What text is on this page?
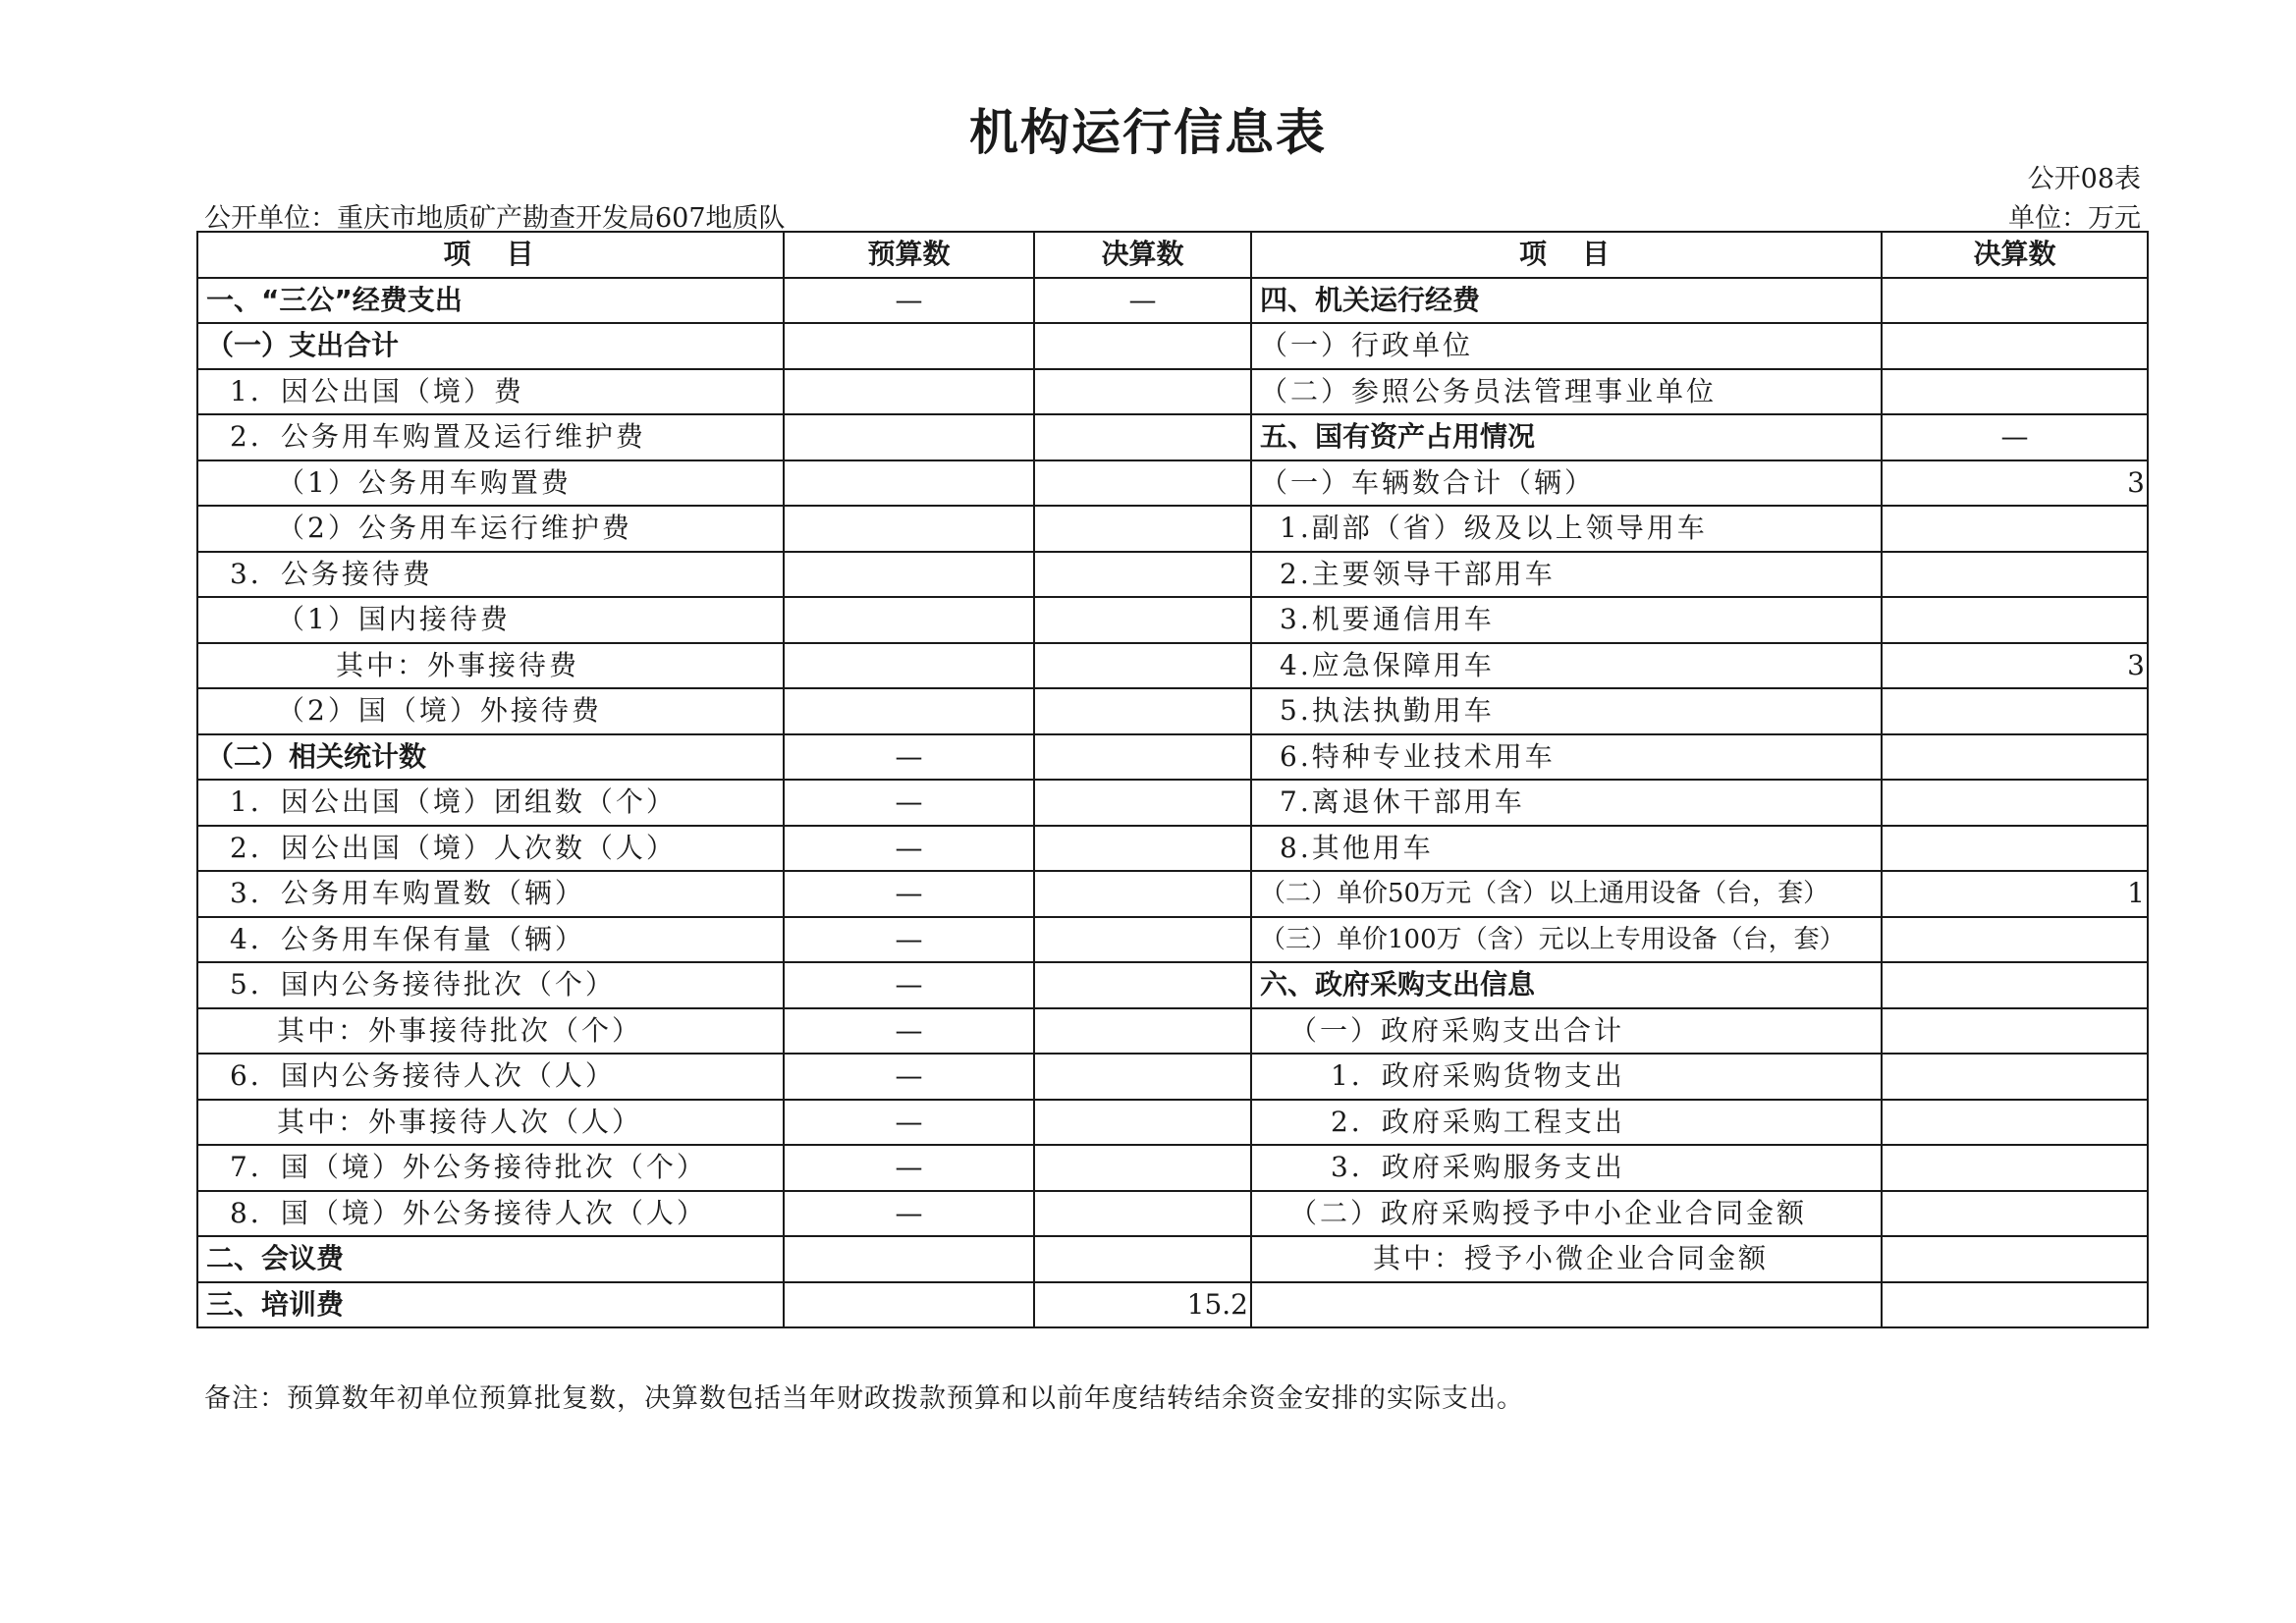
机构运行信息表
公开08表
公开单位：重庆市地质矿产勘查开发局607地质队	单位：万元
项　目	预算数	决算数	项　目	决算数
一、“三公”经费支出	—	—	四、机关运行经费	
（一）支出合计			（一）行政单位	
1．因公出国（境）费			（二）参照公务员法管理事业单位	
2．公务用车购置及运行维护费			五、国有资产占用情况	—
（1）公务用车购置费			（一）车辆数合计（辆）	3
（2）公务用车运行维护费			1.副部（省）级及以上领导用车	
3．公务接待费			2.主要领导干部用车	
（1）国内接待费			3.机要通信用车	
其中：外事接待费			4.应急保障用车	3
（2）国（境）外接待费			5.执法执勤用车	
（二）相关统计数	—		6.特种专业技术用车	
1．因公出国（境）团组数（个）	—		7.离退休干部用车	
2．因公出国（境）人次数（人）	—		8.其他用车	
3．公务用车购置数（辆）	—		（二）单价50万元（含）以上通用设备（台，套）	1
4．公务用车保有量（辆）	—		（三）单价100万（含）元以上专用设备（台，套）	
5．国内公务接待批次（个）	—		六、政府采购支出信息	
其中：外事接待批次（个）	—		（一）政府采购支出合计	
6．国内公务接待人次（人）	—		1．政府采购货物支出	
其中：外事接待人次（人）	—		2．政府采购工程支出	
7．国（境）外公务接待批次（个）	—		3．政府采购服务支出	
8．国（境）外公务接待人次（人）	—		（二）政府采购授予中小企业合同金额	
二、会议费			其中：授予小微企业合同金额	
三、培训费		15.2		
备注：预算数年初单位预算批复数，决算数包括当年财政拨款预算和以前年度结转结余资金安排的实际支出。
